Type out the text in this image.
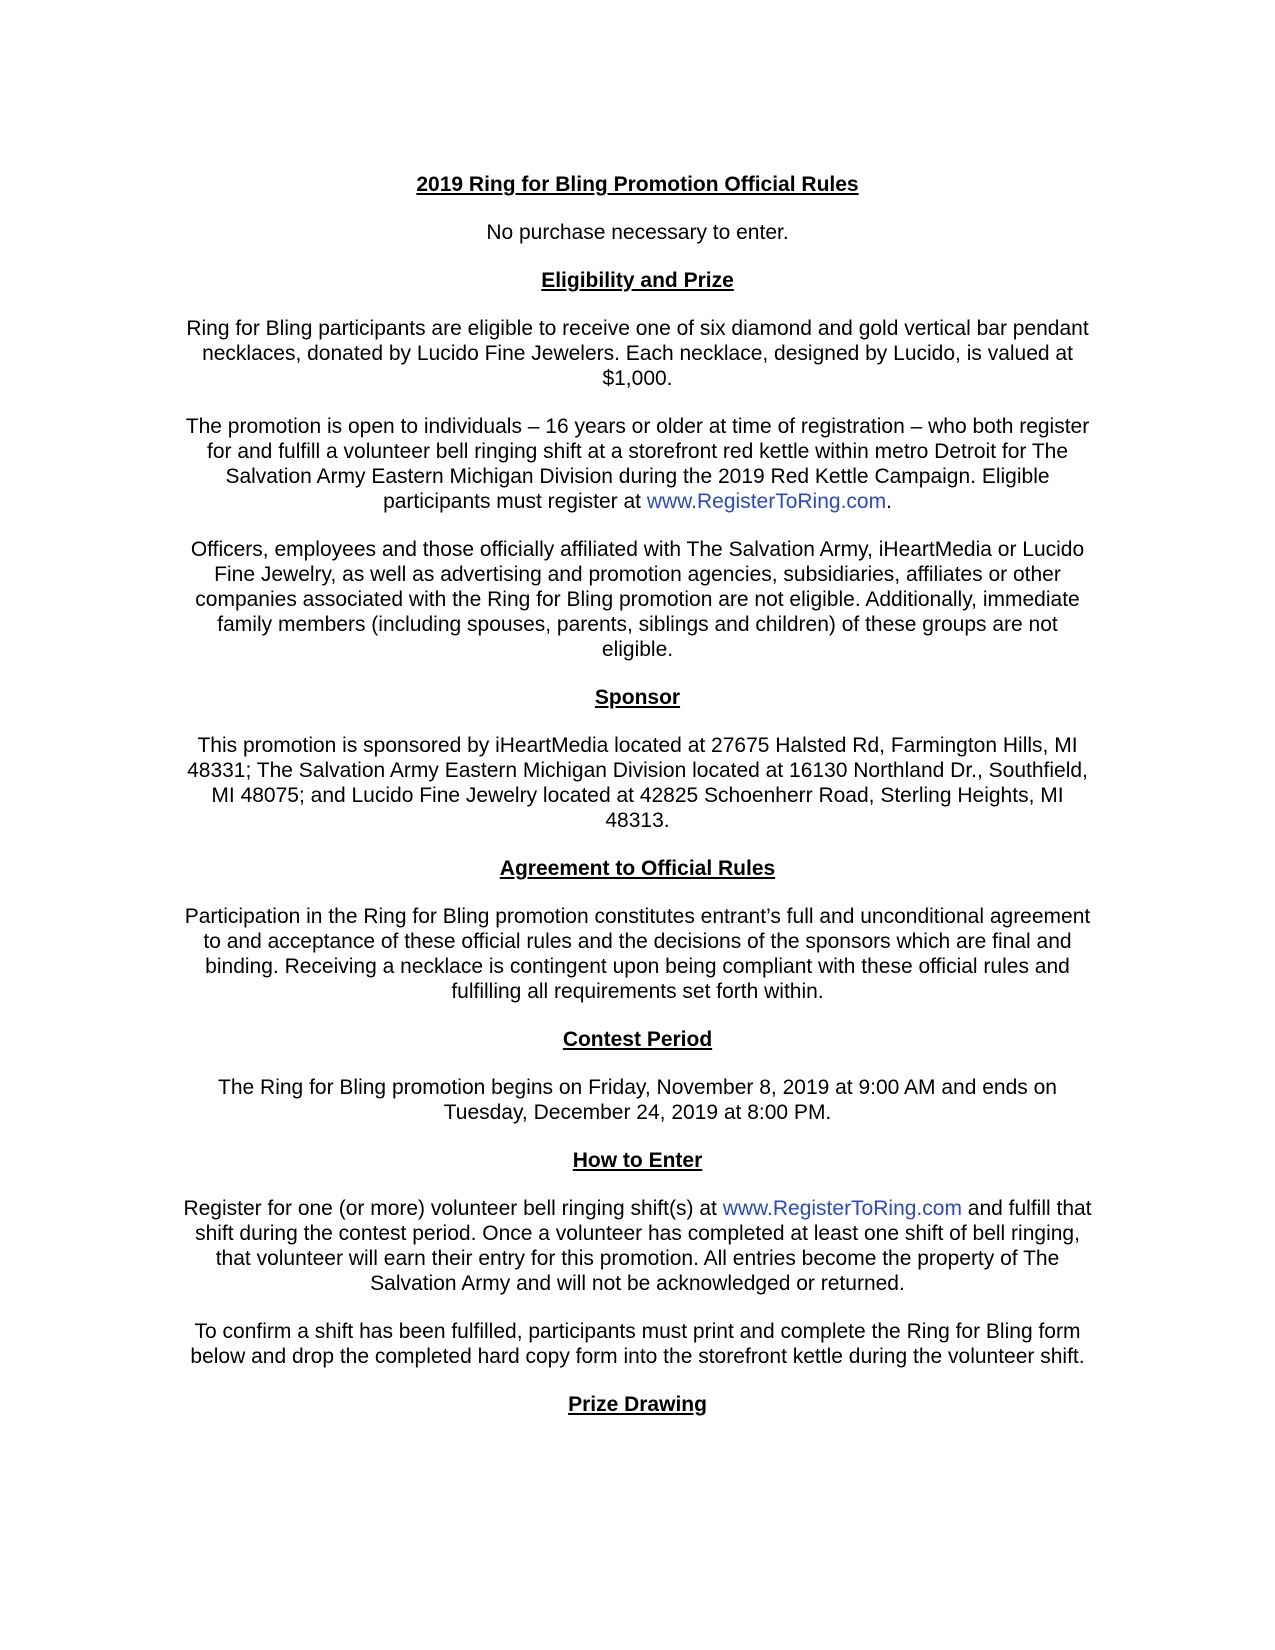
2019 Ring for Bling Promotion Official Rules

No purchase necessary to enter.

Eligibility and Prize

Ring for Bling participants are eligible to receive one of six diamond and gold vertical bar pendant necklaces, donated by Lucido Fine Jewelers. Each necklace, designed by Lucido, is valued at $1,000.

The promotion is open to individuals – 16 years or older at time of registration – who both register for and fulfill a volunteer bell ringing shift at a storefront red kettle within metro Detroit for The Salvation Army Eastern Michigan Division during the 2019 Red Kettle Campaign. Eligible participants must register at www.RegisterToRing.com.

Officers, employees and those officially affiliated with The Salvation Army, iHeartMedia or Lucido Fine Jewelry, as well as advertising and promotion agencies, subsidiaries, affiliates or other companies associated with the Ring for Bling promotion are not eligible. Additionally, immediate family members (including spouses, parents, siblings and children) of these groups are not eligible.

Sponsor

This promotion is sponsored by iHeartMedia located at 27675 Halsted Rd, Farmington Hills, MI 48331; The Salvation Army Eastern Michigan Division located at 16130 Northland Dr., Southfield, MI 48075; and Lucido Fine Jewelry located at 42825 Schoenherr Road, Sterling Heights, MI 48313.

Agreement to Official Rules

Participation in the Ring for Bling promotion constitutes entrant’s full and unconditional agreement to and acceptance of these official rules and the decisions of the sponsors which are final and binding. Receiving a necklace is contingent upon being compliant with these official rules and fulfilling all requirements set forth within.

Contest Period

The Ring for Bling promotion begins on Friday, November 8, 2019 at 9:00 AM and ends on Tuesday, December 24, 2019 at 8:00 PM.

How to Enter

Register for one (or more) volunteer bell ringing shift(s) at www.RegisterToRing.com and fulfill that shift during the contest period. Once a volunteer has completed at least one shift of bell ringing, that volunteer will earn their entry for this promotion. All entries become the property of The Salvation Army and will not be acknowledged or returned.

To confirm a shift has been fulfilled, participants must print and complete the Ring for Bling form below and drop the completed hard copy form into the storefront kettle during the volunteer shift.

Prize Drawing
